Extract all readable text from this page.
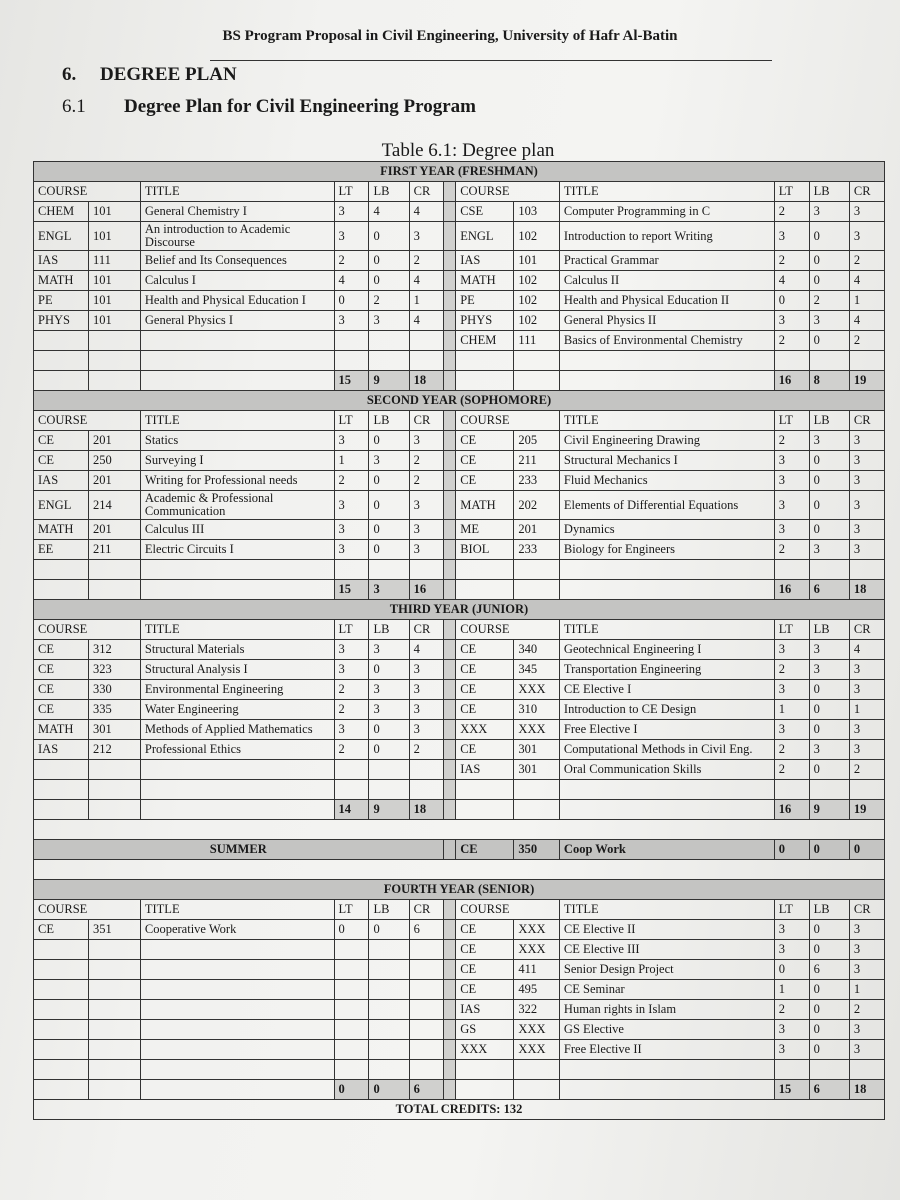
BS Program Proposal in Civil Engineering, University of Hafr Al-Batin
6. DEGREE PLAN
6.1 Degree Plan for Civil Engineering Program
Table 6.1: Degree plan
FIRST YEAR (FRESHMAN)												
COURSE		TITLE	LT	LB	CR		COURSE		TITLE	LT	LB	CR
CHEM	101	General Chemistry I	3	4	4		CSE	103	Computer Programming in C	2	3	3
ENGL	101	An introduction to Academic Discourse	3	0	3		ENGL	102	Introduction to report Writing	3	0	3
IAS	111	Belief and Its Consequences	2	0	2		IAS	101	Practical Grammar	2	0	2
MATH	101	Calculus I	4	0	4		MATH	102	Calculus II	4	0	4
PE	101	Health and Physical Education I	0	2	1		PE	102	Health and Physical Education II	0	2	1
PHYS	101	General Physics I	3	3	4		PHYS	102	General Physics II	3	3	4
							CHEM	111	Basics of Environmental Chemistry	2	0	2

			15	9	18					16	8	19
SECOND YEAR (SOPHOMORE)												
COURSE		TITLE	LT	LB	CR		COURSE		TITLE	LT	LB	CR
CE	201	Statics	3	0	3		CE	205	Civil Engineering Drawing	2	3	3
CE	250	Surveying I	1	3	2		CE	211	Structural Mechanics I	3	0	3
IAS	201	Writing for Professional needs	2	0	2		CE	233	Fluid Mechanics	3	0	3
ENGL	214	Academic & Professional Communication	3	0	3		MATH	202	Elements of Differential Equations	3	0	3
MATH	201	Calculus III	3	0	3		ME	201	Dynamics	3	0	3
EE	211	Electric Circuits I	3	0	3		BIOL	233	Biology for Engineers	2	3	3

			15	3	16					16	6	18
THIRD YEAR (JUNIOR)												
COURSE		TITLE	LT	LB	CR		COURSE		TITLE	LT	LB	CR
CE	312	Structural Materials	3	3	4		CE	340	Geotechnical Engineering I	3	3	4
CE	323	Structural Analysis I	3	0	3		CE	345	Transportation Engineering	2	3	3
CE	330	Environmental Engineering	2	3	3		CE	XXX	CE Elective I	3	0	3
CE	335	Water Engineering	2	3	3		CE	310	Introduction to CE Design	1	0	1
MATH	301	Methods of Applied Mathematics	3	0	3		XXX	XXX	Free Elective I	3	0	3
IAS	212	Professional Ethics	2	0	2		CE	301	Computational Methods in Civil Eng.	2	3	3
							IAS	301	Oral Communication Skills	2	0	2

			14	9	18					16	9	19

SUMMER							CE	350	Coop Work	0	0	0

FOURTH YEAR (SENIOR)												
COURSE		TITLE	LT	LB	CR		COURSE		TITLE	LT	LB	CR
CE	351	Cooperative Work	0	0	6		CE	XXX	CE Elective II	3	0	3
							CE	XXX	CE Elective III	3	0	3
							CE	411	Senior Design Project	0	6	3
							CE	495	CE Seminar	1	0	1
							IAS	322	Human rights in Islam	2	0	2
							GS	XXX	GS Elective	3	0	3
							XXX	XXX	Free Elective II	3	0	3

			0	0	6					15	6	18
TOTAL CREDITS: 132												
